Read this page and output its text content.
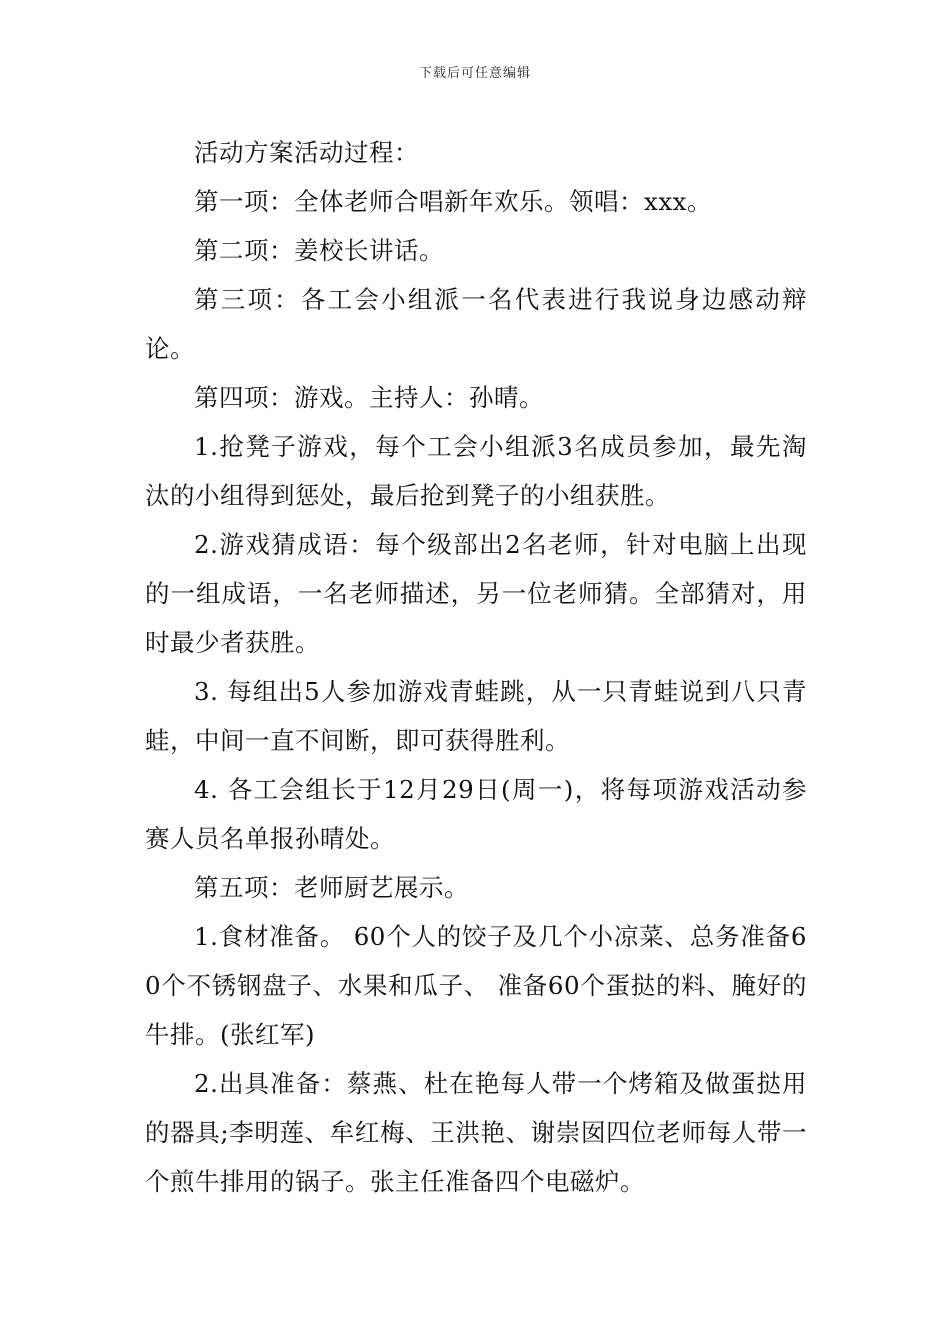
下载后可任意编辑

活动方案活动过程：

第一项：全体老师合唱新年欢乐。领唱：xxx。

第二项：姜校长讲话。

第三项：各工会小组派一名代表进行我说身边感动辩论。

第四项：游戏。主持人：孙晴。

1.抢凳子游戏，每个工会小组派3名成员参加，最先淘汰的小组得到惩处，最后抢到凳子的小组获胜。

2.游戏猜成语：每个级部出2名老师，针对电脑上出现的一组成语，一名老师描述，另一位老师猜。全部猜对，用时最少者获胜。

3. 每组出5人参加游戏青蛙跳，从一只青蛙说到八只青蛙，中间一直不间断，即可获得胜利。

4. 各工会组长于12月29日(周一)，将每项游戏活动参赛人员名单报孙晴处。

第五项：老师厨艺展示。

1.食材准备。 60个人的饺子及几个小凉菜、总务准备60个不锈钢盘子、水果和瓜子、 准备60个蛋挞的料、腌好的牛排。(张红军)

2.出具准备：蔡燕、杜在艳每人带一个烤箱及做蛋挞用的器具;李明莲、牟红梅、王洪艳、谢崇囡四位老师每人带一个煎牛排用的锅子。张主任准备四个电磁炉。
